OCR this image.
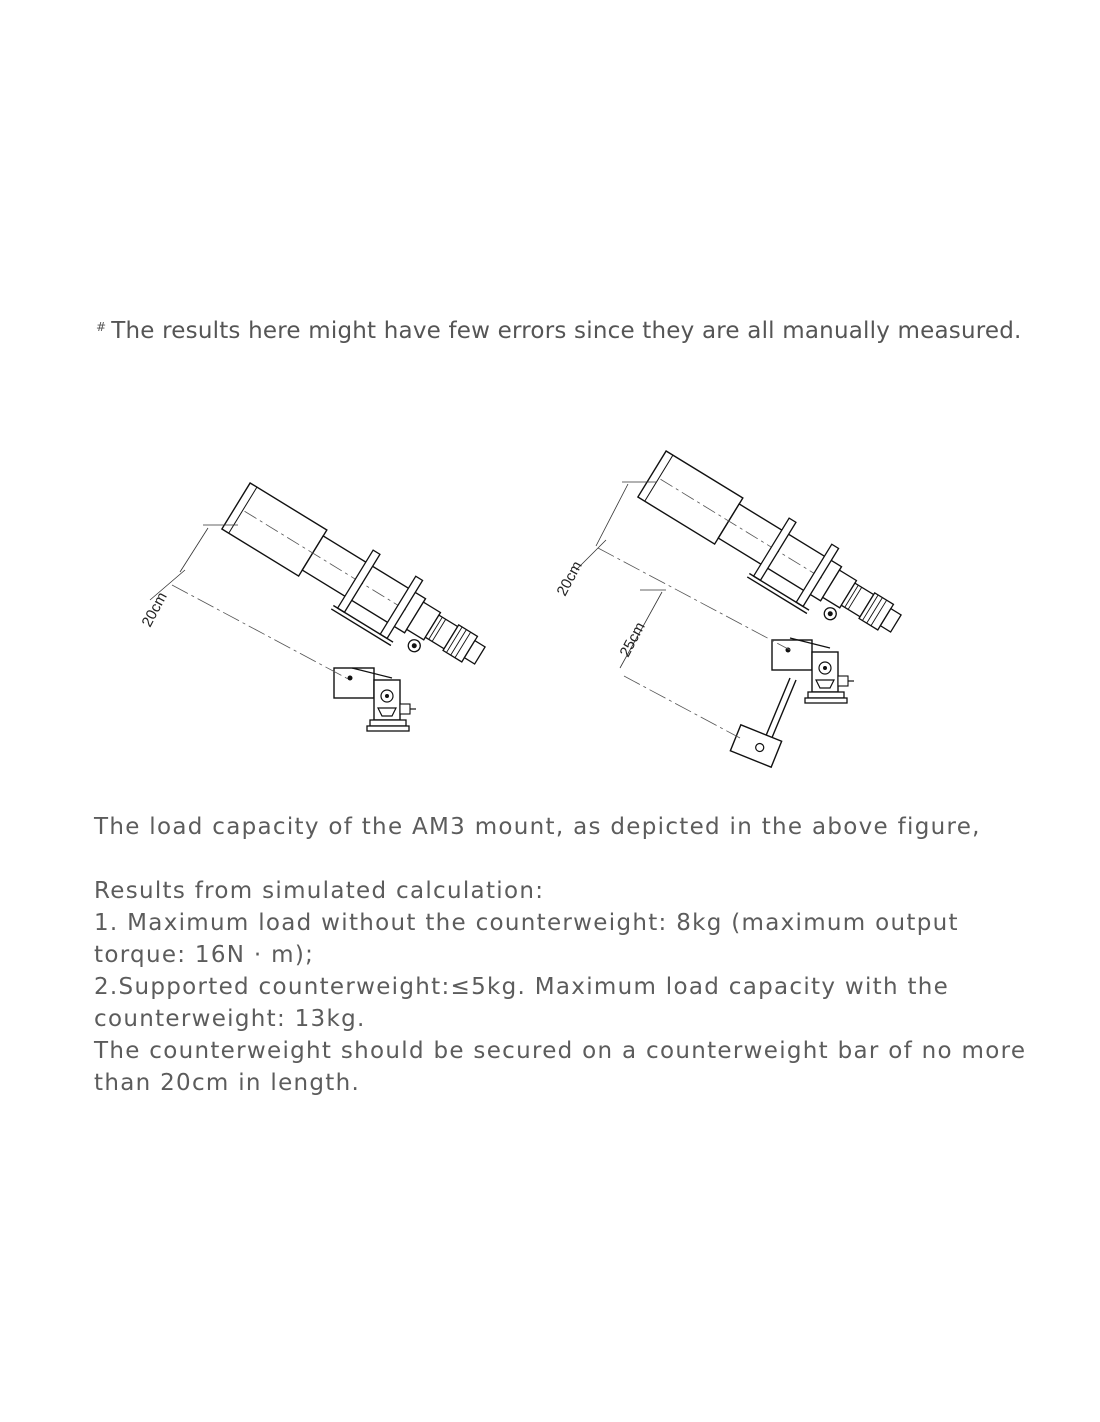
# The results here might have few errors since they are all manually measured.
20cm
20cm
25cm

The load capacity of the AM3 mount, as depicted in the above figure,

Results from simulated calculation:

1. Maximum load without the counterweight: 8kg (maximum output torque: 16N · m);

2.Supported counterweight:≤5kg. Maximum load capacity with the counterweight: 13kg.

The counterweight should be secured on a counterweight bar of no more than 20cm in length.
